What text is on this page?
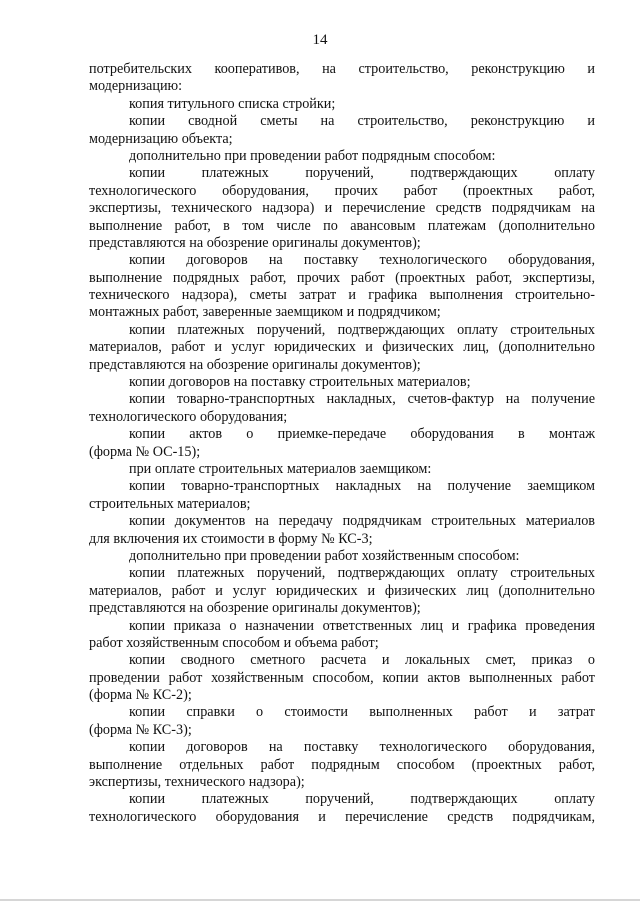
14
потребительских кооперативов, на строительство, реконструкцию и
модернизацию:
копия титульного списка стройки;
копии сводной сметы на строительство, реконструкцию и
модернизацию объекта;
дополнительно при проведении работ подрядным способом:
копии платежных поручений, подтверждающих оплату
технологического оборудования, прочих работ (проектных работ,
экспертизы, технического надзора) и перечисление средств подрядчикам на
выполнение работ, в том числе по авансовым платежам (дополнительно
представляются на обозрение оригиналы документов);
копии договоров на поставку технологического оборудования,
выполнение подрядных работ, прочих работ (проектных работ, экспертизы,
технического надзора), сметы затрат и графика выполнения строительно-
монтажных работ, заверенные заемщиком и подрядчиком;
копии платежных поручений, подтверждающих оплату строительных
материалов, работ и услуг юридических и физических лиц, (дополнительно
представляются на обозрение оригиналы документов);
копии договоров на поставку строительных материалов;
копии товарно-транспортных накладных, счетов-фактур на получение
технологического оборудования;
копии актов о приемке-передаче оборудования в монтаж
(форма № ОС-15);
при оплате строительных материалов заемщиком:
копии товарно-транспортных накладных на получение заемщиком
строительных материалов;
копии документов на передачу подрядчикам строительных материалов
для включения их стоимости в форму № КС-3;
дополнительно при проведении работ хозяйственным способом:
копии платежных поручений, подтверждающих оплату строительных
материалов, работ и услуг юридических и физических лиц (дополнительно
представляются на обозрение оригиналы документов);
копии приказа о назначении ответственных лиц и графика проведения
работ хозяйственным способом и объема работ;
копии сводного сметного расчета и локальных смет, приказ о
проведении работ хозяйственным способом, копии актов выполненных работ
(форма № КС-2);
копии справки о стоимости выполненных работ и затрат
(форма № КС-3);
копии договоров на поставку технологического оборудования,
выполнение отдельных работ подрядным способом (проектных работ,
экспертизы, технического надзора);
копии платежных поручений, подтверждающих оплату
технологического оборудования и перечисление средств подрядчикам,
